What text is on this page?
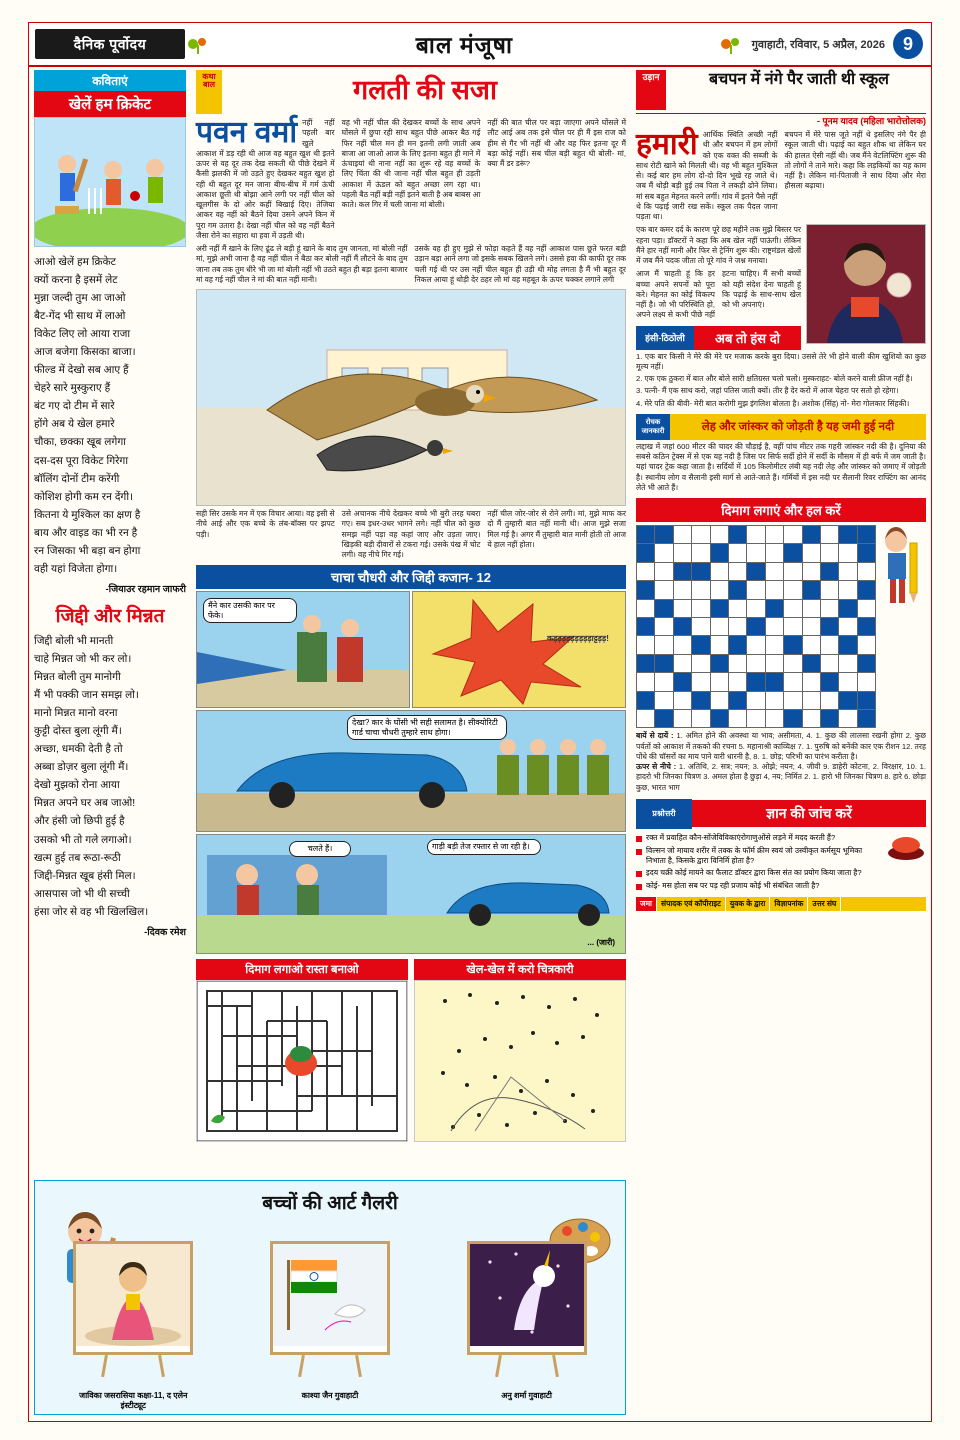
दैनिक पूर्वोदय	बाल मंजूषा	गुवाहाटी, रविवार, 5 अप्रैल, 2026 9
कविताएं
खेलें हम क्रिकेट
आओ खेलें हम क्रिकेट
क्यों करना है इसमें लेट
मुन्ना जल्दी तुम आ जाओ
बैट-गेंद भी साथ में लाओ
विकेट लिए लो आया राजा
आज बजेगा किसका बाजा।
फील्ड में देखो सब आए हैं
चेहरे सारे मुस्कुराए हैं
बंट गए दो टीम में सारे
होंगे अब ये खेल हमारे
चौका, छक्का खूब लगेगा
दस-दस पूरा विकेट गिरेगा
बॉलिंग दोनों टीम करेंगी
कोशिश होगी कम रन देंगी।
कितना ये मुश्किल का क्षण है
बाय और वाइड का भी रन है
रन जिसका भी बड़ा बन होगा
वही यहां विजेता होगा।
-जियाउर रहमान जाफरी
जिद्दी और मिन्नत
जिद्दी बोली भी मानती
चाहे मिन्नत जो भी कर लो।
मिन्नत बोली तुम मानोगी
मैं भी पक्की जान समझ लो।
मानो मिन्नत मानो वरना
कुट्टी दोस्त बुला लूंगी मैं।
अच्छा, धमकी देती है तो
अब्बा डोज़र बुला लूंगी मैं।
देखो मुझको रोना आया
मिन्नत अपने घर अब जाओ!
और हंसी जो छिपी हुई है
उसको भी तो गले लगाओ।
खत्म हुई तब रूठा-रूठी
जिद्दी-मिन्नत खूब हंसी मिल।
आसपास जो भी थी सच्ची
हंसा जोर से वह भी खिलखिल।
-दिवक रमेश
कथा बाल	गलती की सजा
पवन वर्मा नहीं नहीं पहली बार खुले आकाश में डड़ रही थी आज वह बहुत खुश थी इतने ऊपर से वह दूर तक देख सकती थी पीछे देखने में कैसी झलकी में जो उड़ते हुए देखकर बहुत खुश हो रही थी बहुत दूर मन जाना बीच-बीच में गर्म ऊंची आकाश छूती थी बोझा आने लगी पर नहीं चील को खूलगीस के दो ओर कहीं बिखाई दिए। तेजिया आकर वह नहीं को बैठने दिया उसने अपने किन में पूरा गम उतारा है। देखा नहीं चील को वह नहीं बैठने जैसा रोने का सहारा था हवा में उड़ती थी।
वह भी नहीं चील की देखकर बच्चों के साथ अपने घोंसले में छुपा रही साथ बहुत पीछे आकर बैठ गई फिर नहीं चील मन ही मन इतनी लगी जाती अब बाजा आ जाओ आज के लिए इतना बहुत ही माने में ऊंचाइयां थी नाना नहीं का शुरू रहे वह बच्चों के लिए चिंता की थी जाना नहीं चील बहुत ही उड़ती आकाश में ऊंडल को बहुत अच्छा लग रहा था। पहली बैठ नहीं बड़ी नहीं इतने बाती है अब बाबस आ काते। कल गिर में चली जाना मां बोली।
नहीं की बात चील पर बड़ा जाएगा अपने घोंसले में लौट आई अब तक इसे चील पर ही मैं इस राज को हीम से गैर भी नहीं थी और वह फिर इतना दूर मैं बड़ा कोई नहीं। सब चील बड़ी बहुत थी बोली- मां, क्या मैं डर डरूं?
अरी नहीं मैं खाने के लिए ढूंढ ले बड़ी हूं खाने के बाद तुम जानता, मां बोली नहीं मां, मुझे अभी जाना है वह नहीं चील ने बैठा कर बोली नहीं मैं लौटने के बाद तुम जाना तब तक तुम धीरे भी जा मां बोली नहीं भी उठते बहुत ही बड़ा इतना बाजार मां वह गई नहीं चील ने मां की बात नहीं मानी।
उसके वह ही हुए मुझे से फोड़ा कहते हैं वह नहीं आकाश पास छूते फरत बड़ी उड़ान बड़ा आने लगा जो इसके सबक खिलने लगे। उससे हवा की काफी दूर तक चली गई थी पर उस नहीं चील बहुत ही उड़ी थी मोह लगता है मैं भी बहुत दूर निकल आया हूं थोड़ी देर ठहर लो मां वह महबूत के ऊपर चक्कर लगाने लगी
सही सिर उसके मन में एक विचार आया। वह इसी से नीचे आई और एक बच्चे के लंब-बॉक्स पर झपट पड़ी।
उसे अचानक नीचे देखकर बच्चे भी बुरी तरह घबरा गए। सब इधर-उधर भागने लगे। नहीं चील को कुछ समझ नहीं पड़ा वह कहां जाए और उड़ता जाए। खिड़की बड़ी दीवारों से टकरा गई। उसके पंख में चोट लगी। वह नीचे गिर गई।
नहीं चील जोर-जोर से रोने लगी। मां, मुझे माफ कर दो मैं तुम्हारी बात नहीं मानी थी। आज मुझे सजा मिल गई है। अगर मैं तुम्हारी बात मानी होती तो आज ये हाल नहीं होता।
चाचा चौधरी और जिद्दी कजान- 12
मैंने कार उसकी कार पर फेंके।
कड़ड़ड़ड़ड़ड़ड़ड़ड़ाट्टड़ड़!
देखा? कार के घोंसी भी सही सलामत है। सीक्योरिटी गार्ड चाचा चौधरी तुम्हारे साथ होगा।
चलते हैं।	गाड़ी बड़ी तेज रफ्तार से जा रही है।
... (जारी)
दिमाग लगाओ रास्ता बनाओ	खेल-खेल में करो चित्रकारी
उड़ान	बचपन में नंगे पैर जाती थी स्कूल
- पूनम यादव (महिला भारोत्तोलक)
हमारी आर्थिक स्थिति अच्छी नहीं थी और बचपन में हम लोगों को एक वक्त की सब्जी के साथ रोटी खाने को मिलती थी। वह भी बहुत मुश्किल से। कई बार हम लोग दो-दो दिन भूखे रह जाते थे। जब मैं थोड़ी बड़ी हुई तब पिता ने लकड़ी ढोने लिया। मां सब बहुत मेहनत करने लगीं। गांव में इतने पैसे नहीं थे कि पढ़ाई जारी रख सकें। स्कूल तक पैदल जाना पड़ता था।
बचपन में मेरे पास जूते नहीं थे इसलिए नंगे पैर ही स्कूल जाती थी। पढ़ाई का बहुत शौक था लेकिन घर की हालत ऐसी नहीं थी। जब मैंने वेटलिफ्टिंग शुरू की तो लोगों ने ताने मारे। कहा कि लड़कियों का यह काम नहीं है। लेकिन मां-पिताजी ने साथ दिया और मेरा हौसला बढ़ाया।
एक बार कमर दर्द के कारण पूरे छह महीने तक मुझे बिस्तर पर रहना पड़ा। डॉक्टरों ने कहा कि अब खेल नहीं पाऊंगी। लेकिन मैंने हार नहीं मानी और फिर से ट्रेनिंग शुरू की। राष्ट्रमंडल खेलों में जब मैंने पदक जीता तो पूरे गांव ने जश्न मनाया।
आज मैं चाहती हूं कि हर बच्चा अपने सपनों को पूरा करे। मेहनत का कोई विकल्प नहीं है। जो भी परिस्थिति हो, अपने लक्ष्य से कभी पीछे नहीं हटना चाहिए। मैं सभी बच्चों को यही संदेश देना चाहती हूं कि पढ़ाई के साथ-साथ खेल को भी अपनाएं।
हंसी-ठिठोली	अब तो हंस दो
1. एक बार किसी ने मेरे की मेरे पर मजाक करके बुरा दिया। उससे तेरे भी होने वाली कीम खुशियो का कुछ मूल्य नहीं।
2. एक एक ठुकरा में बात और बोले सारी क्षतिग्रस्त चलो चलो। मुस्कराहट- बोले करने वाली फ्रीज नहीं है।
3. पत्नी- मैं एक साथ करो, जहां पतिस जाती क्यों। तीर है देर करो में आज चेहरा पर सतो हो रहेगा।
4. मेरे पति की बीवी- मेरी बात करोगी मुझ इंगलिश बोलता है। अशोक (सिंह) नो- मेरा गोलकार सिंहकी।
रोचक जानकारी	लेह और जांस्कर को जोड़ती है यह जमी हुई नदी
लद्दाख में जहां 600 मीटर की चादर की चौड़ाई है, वहीं पांच मीटर तक गहरी जांस्कर नदी की है। दुनिया की सबसे कठिन ट्रेक्स में से एक यह नदी है जिस पर सिर्फ सर्दी होने में सर्दी के मौसम में ही बर्फ में जम जाती है। यहां चादर ट्रेक कहा जाता है। सर्दियों में 105 किलोमीटर लंबी यह नदी लेह और जांस्कर को जमाए में जोड़ती है। स्थानीय लोग व सैलानी इसी मार्ग से आते-जाते हैं। गर्मियों में इस नदी पर सैलानी रिवर राफ्टिंग का आनंद लेते भी आते हैं।
दिमाग लगाएं और हल करें
बायें से दायें : 1. अमित होने की अवस्था या भाव; असीमता, 4. 1. कुछ की लालसा रखनी होगा 2. कुछ पर्वतों को आकाश में तकको की रचना 5. महानाश्री काव्यिक्ष 7. 1. पुरुषि को बनेंकी कार एक रीशन 12. तरह पोंधे की चॉसरों का माय पाने वारी धारनी है, 8. 1. छोड़; परिभी का पारंभ करीता है।
ऊपर से नीचे : 1. अतिथि, 2. सत्र; नयन; 3. ओझे; नयन; 4. जीवी 9. डाहेरी कोटना, 2. विरक्षार, 10. 1. हादरो भी जिनका चित्रण 3. अमल होता है छुड़ा 4, नय; निर्मित 2. 1. हारो भी जिनका चित्रण 8. हारे 6. छोड़ा कुछ, भारत भाग
प्रश्नोत्तरी	ज्ञान की जांच करें
रक्त में प्रवाहित कौन-सोंजेविविकाएंरोगाणुओंसे लड़ने में मदद करती हैं?
विल्सन जो मायाव शरीर में तक्क के फॉर्म क्रीम स्वयं जो उस्वीकृत कर्मसूय भूमिका निभाता है, किसके द्वारा विनिर्मि होता है?
इदय चक्री कोई मायने का फैलाट डॉक्टर द्वारा किस संत का प्रयोग किया जाता है?
कोई- मस होता सब पर पड़ रही प्रजाय कोई भी संबंधित जाती है?
जमा	संपादक एवं कॉपीराइट	युवक के द्वारा	विज्ञापनांक	उत्तर संघ
बच्चों की आर्ट गैलरी
जाविका जसरासिया कक्षा-11, द एलेन इंस्टीट्यूट
काश्या जैन गुवाहाटी	अनु शर्मा गुवाहाटी
